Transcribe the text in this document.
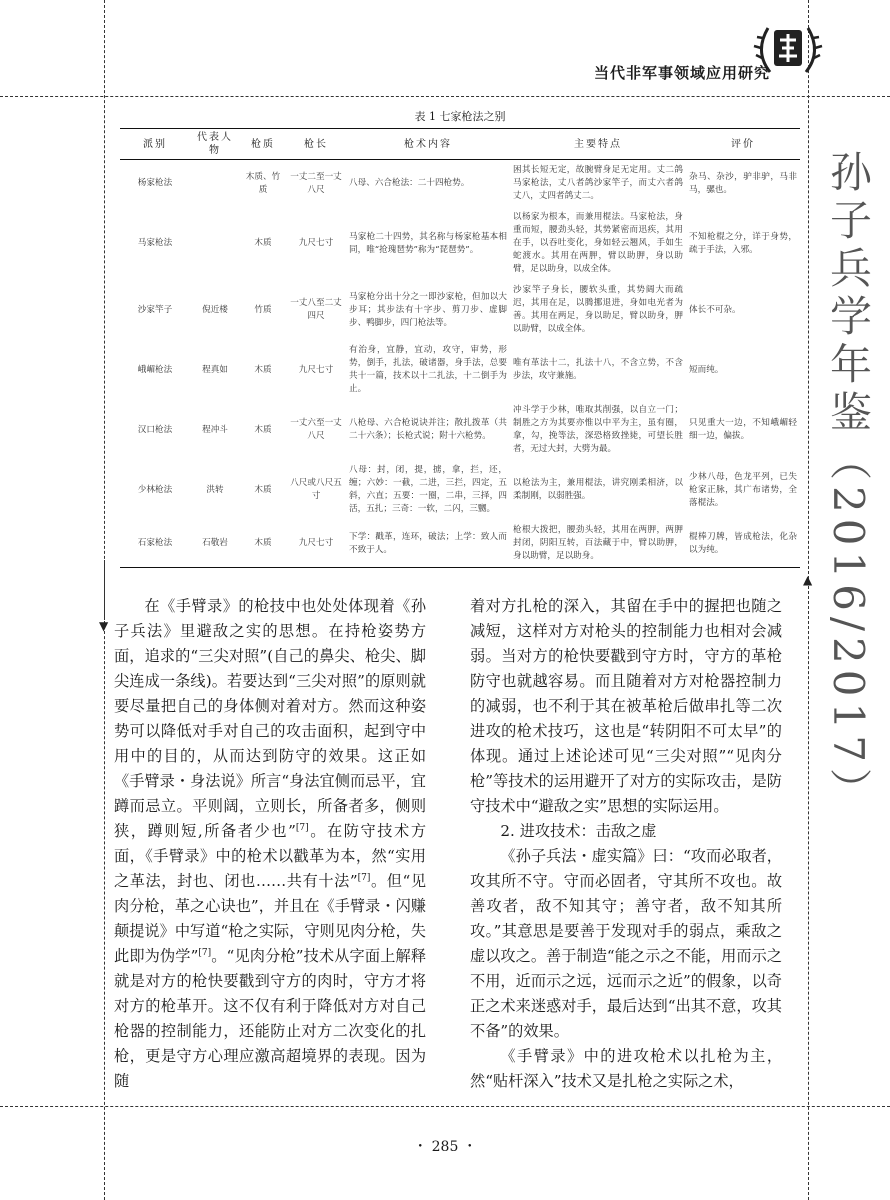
▼
▲
当代非军事领域应用研究
孙子兵学年鉴（2016/2017）
表 1 七家枪法之别
派别	代表人物	枪质	枪长	枪术内容	主要特点	评价
杨家枪法		木质、竹质	一丈二至一丈八尺	八母、六合枪法：二十四枪势。	困其长短无定，故腕臂身足无定用。丈二鸽马家枪法，丈八者鸽沙家竿子，而丈六者鸽丈八，丈四者鸽丈二。	杂马、杂沙，驴非驴，马非马，骡也。
马家枪法		木质	九尺七寸	马家枪二十四势，其名称与杨家枪基本相同，唯“抢瑰琶势”称为“琵琶势”。	以杨家为根本，而兼用棍法。马家枪法，身重而短，腰劲头轻，其势紧密而迅疾，其用在手，以吞吐变化，身如轻云翘风，手如生蛇渡水。其用在两胛，臂以助胛，身以助臂，足以助身，以成全体。	不知枪棍之分，详于身势，疏于手法，入邪。
沙家竿子	倪近楼	竹质	一丈八至二丈四尺	马家枪分出十分之一即沙家枪，但加以大步耳；其步法有十字步、剪刀步、虚脚步、鸭脚步，四门枪法等。	沙家竿子身长，腰软头重，其势阔大而疏迟，其用在足，以腾挪退进，身如电光者为善。其用在两足，身以助足，臂以助身，胛以助臂，以成全体。	体长不可杂。
峨嵋枪法	程真如	木质	九尺七寸	有治身，宜静，宜动，攻守，审势，形势，倒手，扎法，破诸器，身手法，总要共十一篇，技术以十二扎法，十二倒手为止。	唯有革法十二，扎法十八，不含立势，不含步法，攻守兼施。	短而纯。
汉口枪法	程冲斗	木质	一丈六至一丈八尺	八枪母、六合枪说诀并注；散扎拨革（共二十六条）；长枪式说；附十六枪势。	冲斗学于少林，唯取其削强，以自立一门；制胜之方为其要亦惟以中平为主，虽有圈，拿，勾，挽等法，深恐格致挫毙，可望长胜者，无过大封，大劈为最。	只见重大一边，不知峨嵋轻细一边，偏拔。
少林枪法	洪转	木质	八尺或八尺五寸	八母：封，闭，提，掳，拿，拦，还，缠；六妙：一截，二进，三拦，四定，五斜，六直；五要：一圈，二串，三择，四活，五扎；三奇：一软，二闪，三嬲。	以枪法为主，兼用棍法，讲究刚柔相济，以柔制刚，以弱胜强。	少林八母，色龙平列，已失枪家正脉，其广布诸势，全落棍法。
石家枪法	石敬岩	木质	九尺七寸	下学：戳革，连环，破法；上学：致人而不致于人。	枪根大拨把，腰劲头轻，其用在两胛，两胛封闭，阴阳互转，百法藏于中，臂以助胛，身以助臂，足以助身。	棍棒刀牌，皆成枪法，化杂以为纯。

在《手臂录》的枪技中也处处体现着《孙子兵法》里避敌之实的思想。在持枪姿势方面，追求的“三尖对照”(自己的鼻尖、枪尖、脚尖连成一条线)。若要达到“三尖对照”的原则就要尽量把自己的身体侧对着对方。然而这种姿势可以降低对手对自己的攻击面积，起到守中用中的目的，从而达到防守的效果。这正如《手臂录・身法说》所言“身法宜侧而忌平，宜蹲而忌立。平则阔，立则长，所备者多，侧则狭，蹲则短,所备者少也”[7]。在防守技术方面，《手臂录》中的枪术以戳革为本，然“实用之革法，封也、闭也……共有十法”[7]。但“见肉分枪，革之心诀也”，并且在《手臂录・闪赚颠提说》中写道“枪之实际，守则见肉分枪，失此即为伪学”[7]。“见肉分枪”技术从字面上解释就是对方的枪快要戳到守方的肉时，守方才将对方的枪革开。这不仅有利于降低对方对自己枪器的控制能力，还能防止对方二次变化的扎枪，更是守方心理应激高超境界的表现。因为随

着对方扎枪的深入，其留在手中的握把也随之减短，这样对方对枪头的控制能力也相对会减弱。当对方的枪快要戳到守方时，守方的革枪防守也就越容易。而且随着对方对枪器控制力的减弱，也不利于其在被革枪后做串扎等二次进攻的枪术技巧，这也是“转阴阳不可太早”的体现。通过上述论述可见“三尖对照”“见肉分枪”等技术的运用避开了对方的实际攻击，是防守技术中“避敌之实”思想的实际运用。

2. 进攻技术：击敌之虚

《孙子兵法・虚实篇》曰：“攻而必取者，攻其所不守。守而必固者，守其所不攻也。故善攻者，敌不知其守；善守者，敌不知其所攻。”其意思是要善于发现对手的弱点，乘敌之虚以攻之。善于制造“能之示之不能，用而示之不用，近而示之远，远而示之近”的假象，以奇正之术来迷惑对手，最后达到“出其不意，攻其不备”的效果。

《手臂录》中的进攻枪术以扎枪为主，然“贴杆深入”技术又是扎枪之实际之术，

・ 285 ・
